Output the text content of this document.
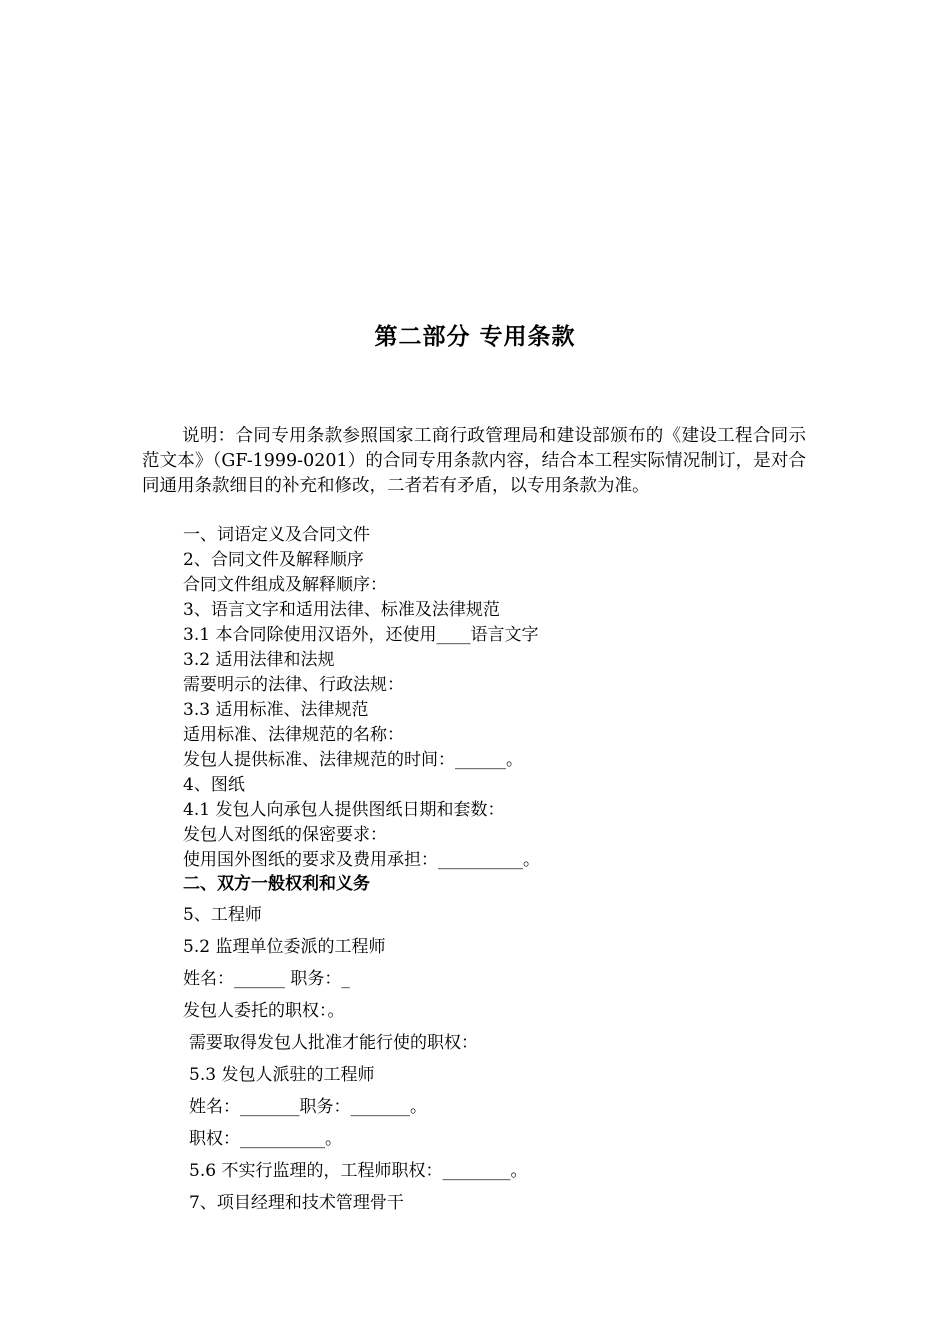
第二部分 专用条款
说明：合同专用条款参照国家工商行政管理局和建设部颁布的《建设工程合同示范文本》（GF-1999-0201）的合同专用条款内容，结合本工程实际情况制订，是对合同通用条款细目的补充和修改，二者若有矛盾，以专用条款为准。
一、词语定义及合同文件
2、合同文件及解释顺序
合同文件组成及解释顺序：
3、语言文字和适用法律、标准及法律规范
3.1 本合同除使用汉语外，还使用____语言文字
3.2 适用法律和法规
需要明示的法律、行政法规：
3.3 适用标准、法律规范
适用标准、法律规范的名称：
发包人提供标准、法律规范的时间：______。
4、图纸
4.1 发包人向承包人提供图纸日期和套数：
发包人对图纸的保密要求：
使用国外图纸的要求及费用承担：__________。
二、双方一般权利和义务
5、工程师
5.2 监理单位委派的工程师
姓名：______ 职务：_
发包人委托的职权：。
需要取得发包人批准才能行使的职权：
5.3 发包人派驻的工程师
姓名：_______职务：_______。
职权：__________。
5.6 不实行监理的，工程师职权：________。
7、项目经理和技术管理骨干
